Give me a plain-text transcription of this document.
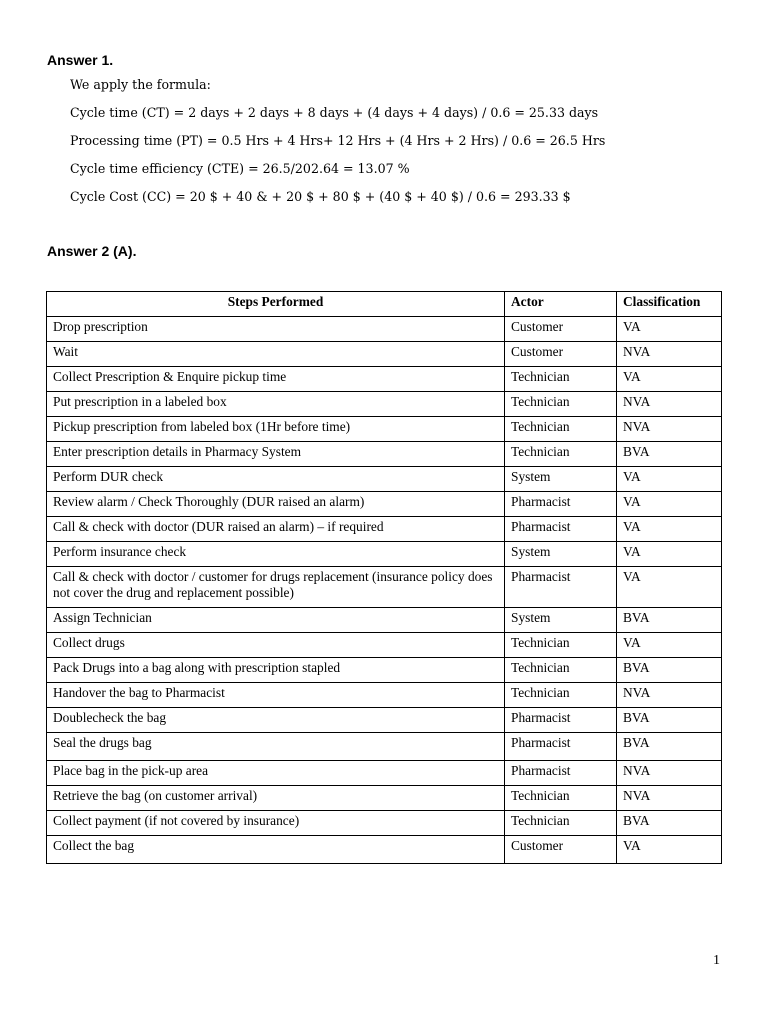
Answer 1.
We apply the formula:
Cycle time (CT) = 2 days + 2 days + 8 days + (4 days + 4 days) / 0.6 = 25.33 days
Processing time (PT) = 0.5 Hrs + 4 Hrs+ 12 Hrs + (4 Hrs + 2 Hrs) / 0.6 = 26.5 Hrs
Cycle time efficiency (CTE) = 26.5/202.64 = 13.07 %
Cycle Cost (CC) = 20 $ + 40 & + 20 $ + 80 $ + (40 $ + 40 $) / 0.6 = 293.33 $
Answer 2 (A).
Steps Performed	Actor	Classification
Drop prescription	Customer	VA
Wait	Customer	NVA
Collect Prescription & Enquire pickup time	Technician	VA
Put prescription in a labeled box	Technician	NVA
Pickup prescription from labeled box (1Hr before time)	Technician	NVA
Enter prescription details in Pharmacy System	Technician	BVA
Perform DUR check	System	VA
Review alarm / Check Thoroughly (DUR raised an alarm)	Pharmacist	VA
Call & check with doctor (DUR raised an alarm) – if required	Pharmacist	VA
Perform insurance check	System	VA
Call & check with doctor / customer for drugs replacement (insurance policy does not cover the drug and replacement possible)	Pharmacist	VA
Assign Technician	System	BVA
Collect drugs	Technician	VA
Pack Drugs into a bag along with prescription stapled	Technician	BVA
Handover the bag to Pharmacist	Technician	NVA
Doublecheck the bag	Pharmacist	BVA
Seal the drugs bag	Pharmacist	BVA
Place bag in the pick-up area	Pharmacist	NVA
Retrieve the bag (on customer arrival)	Technician	NVA
Collect payment (if not covered by insurance)	Technician	BVA
Collect the bag	Customer	VA
1
